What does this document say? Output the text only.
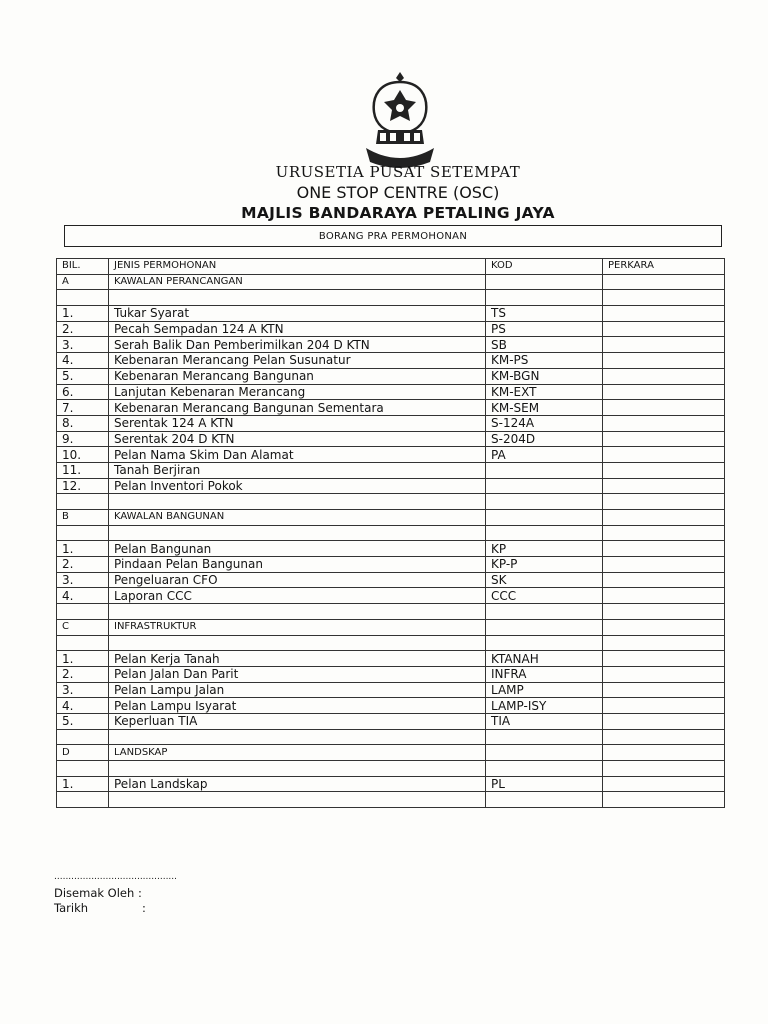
URUSETIA PUSAT SETEMPAT
ONE STOP CENTRE (OSC)
MAJLIS BANDARAYA PETALING JAYA
BORANG PRA PERMOHONAN
BIL.	JENIS PERMOHONAN	KOD	PERKARA
A	KAWALAN PERANCANGAN		

1.	Tukar Syarat	TS	
2.	Pecah Sempadan 124 A KTN	PS	
3.	Serah Balik Dan Pemberimilkan 204 D KTN	SB	
4.	Kebenaran Merancang Pelan Susunatur	KM-PS	
5.	Kebenaran Merancang Bangunan	KM-BGN	
6.	Lanjutan Kebenaran Merancang	KM-EXT	
7.	Kebenaran Merancang Bangunan Sementara	KM-SEM	
8.	Serentak 124 A KTN	S-124A	
9.	Serentak 204 D KTN	S-204D	
10.	Pelan Nama Skim Dan Alamat	PA	
11.	Tanah Berjiran		
12.	Pelan Inventori Pokok		

B	KAWALAN BANGUNAN		

1.	Pelan Bangunan	KP	
2.	Pindaan Pelan Bangunan	KP-P	
3.	Pengeluaran CFO	SK	
4.	Laporan CCC	CCC	

C	INFRASTRUKTUR		

1.	Pelan Kerja Tanah	KTANAH	
2.	Pelan Jalan Dan Parit	INFRA	
3.	Pelan Lampu Jalan	LAMP	
4.	Pelan Lampu Isyarat	LAMP-ISY	
5.	Keperluan TIA	TIA	

D	LANDSKAP		

1.	Pelan Landskap	PL	

...........................................
Disemak Oleh :
Tarikh	:
